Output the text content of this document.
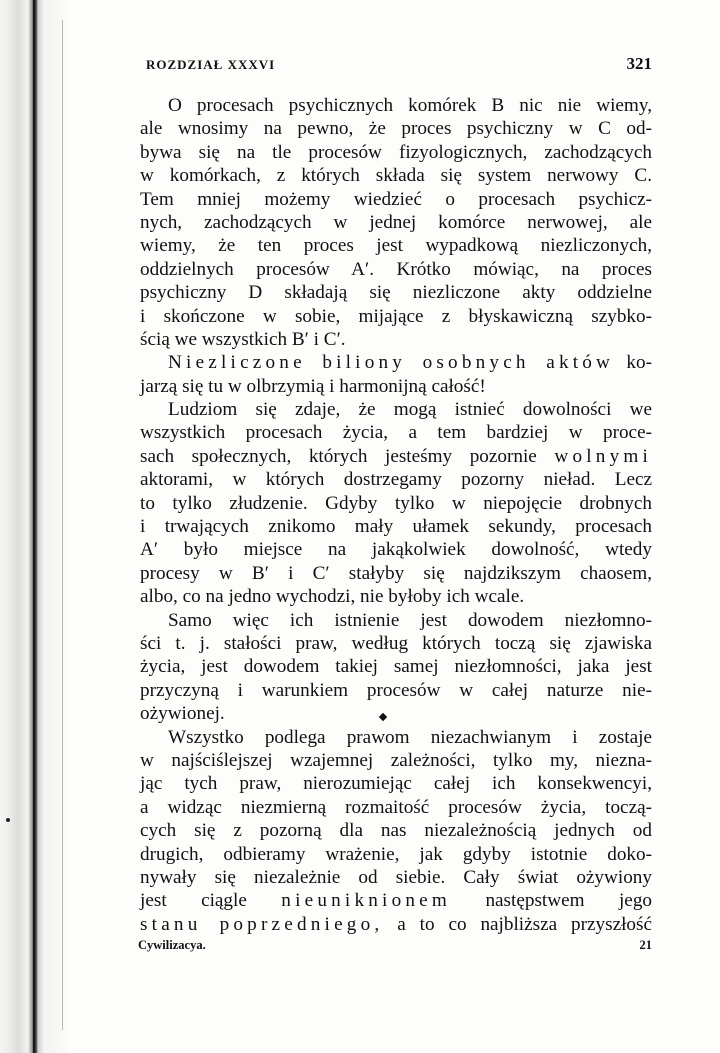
ROZDZIAŁ XXXVI	321
O procesach psychicznych komórek B nic nie wiemy,
ale wnosimy na pewno, że proces psychiczny w C od-
bywa się na tle procesów fizyologicznych, zachodzących
w komórkach, z których składa się system nerwowy C.
Tem mniej możemy wiedzieć o procesach psychicz-
nych, zachodzących w jednej komórce nerwowej, ale
wiemy, że ten proces jest wypadkową niezliczonych,
oddzielnych procesów A′. Krótko mówiąc, na proces
psychiczny D składają się niezliczone akty oddzielne
i skończone w sobie, mijające z błyskawiczną szybko-
ścią we wszystkich B′ i C′.
Niezliczone biliony osobnych aktów ko-
jarzą się tu w olbrzymią i harmonijną całość!
Ludziom się zdaje, że mogą istnieć dowolności we
wszystkich procesach życia, a tem bardziej w proce-
sach społecznych, których jesteśmy pozornie wolnymi
aktorami, w których dostrzegamy pozorny nieład. Lecz
to tylko złudzenie. Gdyby tylko w niepojęcie drobnych
i trwających znikomo mały ułamek sekundy, procesach
A′ było miejsce na jakąkolwiek dowolność, wtedy
procesy w B′ i C′ stałyby się najdzikszym chaosem,
albo, co na jedno wychodzi, nie byłoby ich wcale.
Samo więc ich istnienie jest dowodem niezłomno-
ści t. j. stałości praw, według których toczą się zjawiska
życia, jest dowodem takiej samej niezłomności, jaka jest
przyczyną i warunkiem procesów w całej naturze nie-
ożywionej.
Wszystko podlega prawom niezachwianym i zostaje
w najściślejszej wzajemnej zależności, tylko my, nieznа-
jąc tych praw, nierozumiejąc całej ich konsekwencyi,
a widząc niezmierną rozmaitość procesów życia, toczą-
cych się z pozorną dla nas niezależnością jednych od
drugich, odbieramy wrażenie, jak gdyby istotnie doko-
nywały się niezależnie od siebie. Cały świat ożywiony
jest ciągle nieuniknionem następstwem jego
stanu poprzedniego, a to co najbliższa przyszłość
Cywilizacya.	21
